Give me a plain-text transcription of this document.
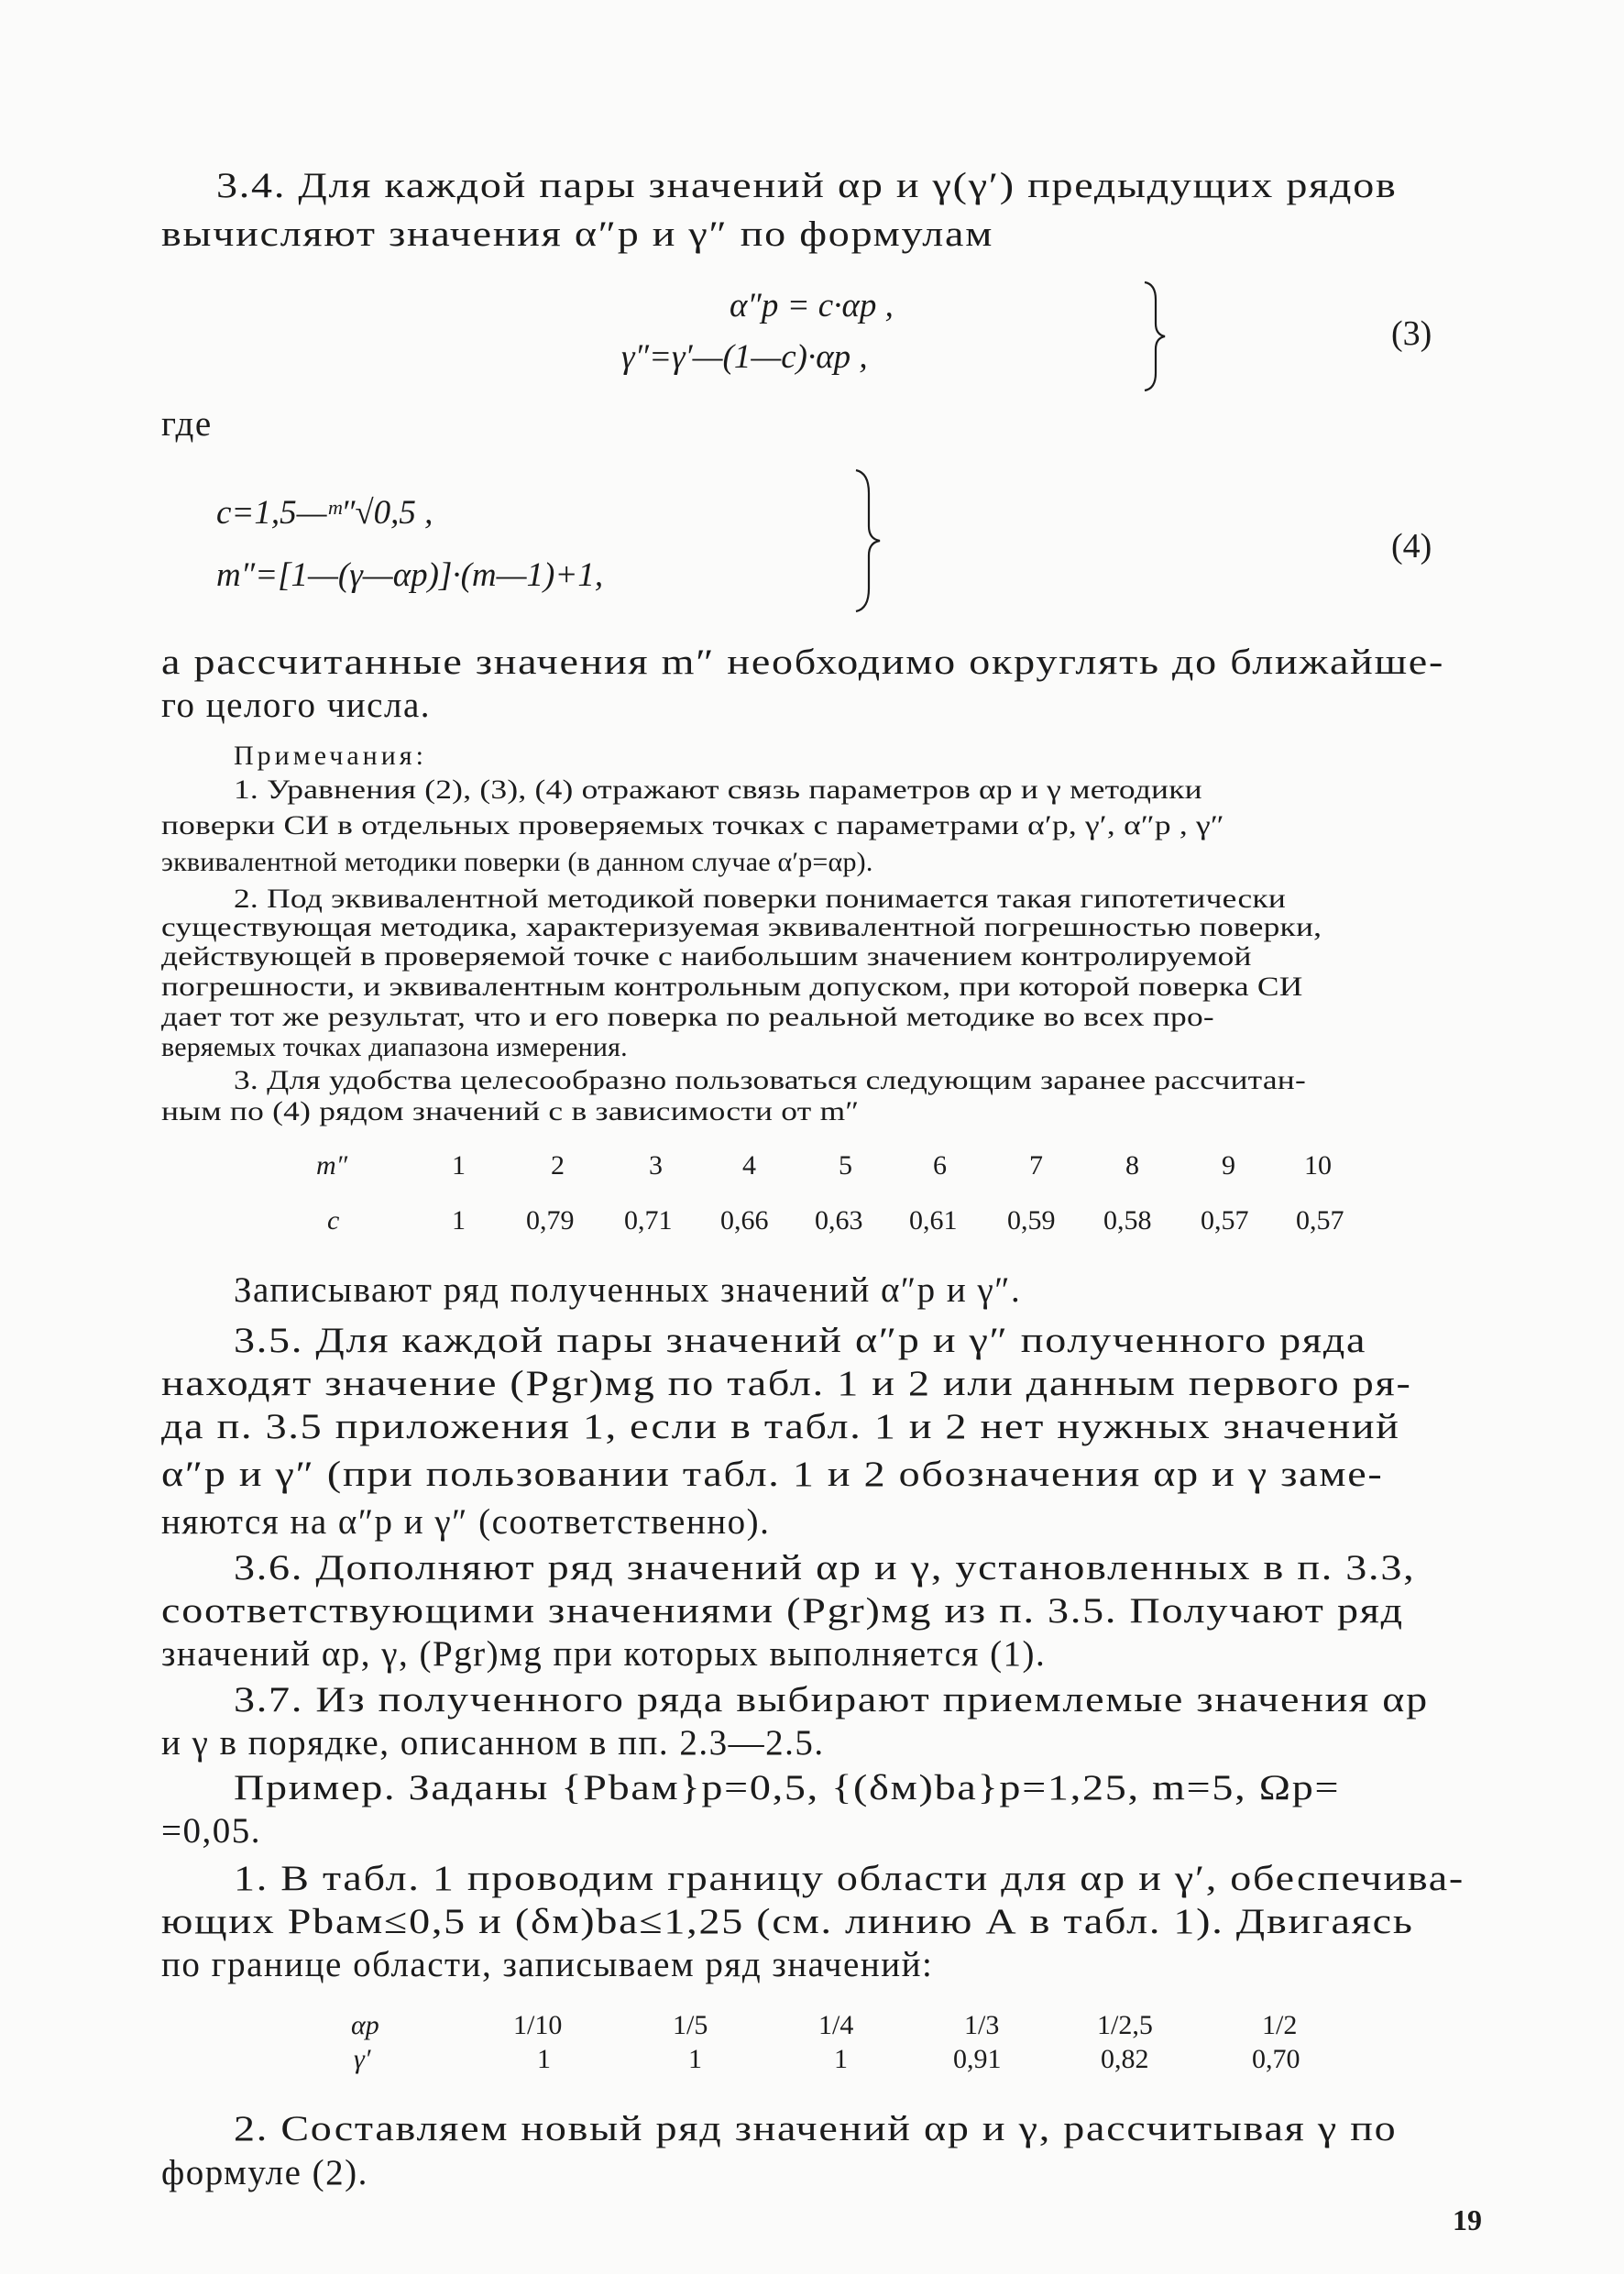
3.4. Для каждой пары значений αр и γ(γ′) предыдущих рядов
вычисляют значения α″р и γ″ по формулам
α″р = c·αр ,
γ″=γ′—(1—c)·αр ,
(3)
где
c=1,5—ᵐ″√0,5 ,
m″=[1—(γ—αр)]·(m—1)+1,
(4)
а рассчитанные значения m″ необходимо округлять до ближайше-
го целого числа.
Примечания:
1. Уравнения (2), (3), (4) отражают связь параметров αр и γ методики
поверки СИ в отдельных проверяемых точках с параметрами α′р, γ′, α″р , γ″
эквивалентной методики поверки (в данном случае α′р=αр).
2. Под эквивалентной методикой поверки понимается такая гипотетически
существующая методика, характеризуемая эквивалентной погрешностью поверки,
действующей в проверяемой точке с наибольшим значением контролируемой
погрешности, и эквивалентным контрольным допуском, при которой поверка СИ
дает тот же результат, что и его поверка по реальной методике во всех про-
веряемых точках диапазона измерения.
3. Для удобства целесообразно пользоваться следующим заранее рассчитан-
ным по (4) рядом значений c в зависимости от m″
m″	1	2	3	4	5	6	7	8	9	10
c	1 0,79 0,71 0,66 0,63 0,61 0,59 0,58 0,57 0,57
Записывают ряд полученных значений α″р и γ″.
3.5. Для каждой пары значений α″р и γ″ полученного ряда
находят значение (Pgr)мg по табл. 1 и 2 или данным первого ря-
да п. 3.5 приложения 1, если в табл. 1 и 2 нет нужных значений
α″р и γ″ (при пользовании табл. 1 и 2 обозначения αр и γ заме-
няются на α″р и γ″ (соответственно).
3.6. Дополняют ряд значений αр и γ, установленных в п. 3.3,
соответствующими значениями (Pgr)мg из п. 3.5. Получают ряд
значений αр, γ, (Pgr)мg при которых выполняется (1).
3.7. Из полученного ряда выбирают приемлемые значения αр
и γ в порядке, описанном в пп. 2.3—2.5.
Пример. Заданы {Pbaм}р=0,5, {(δм)ba}р=1,25, m=5, Ωр=
=0,05.
1. В табл. 1 проводим границу области для αр и γ′, обеспечива-
ющих Pbaм≤0,5 и (δм)ba≤1,25 (см. линию А в табл. 1). Двигаясь
по границе области, записываем ряд значений:
αр	1/10	1/5	1/4	1/3	1/2,5	1/2
γ′	1	1	1	0,91	0,82	0,70
2. Составляем новый ряд значений αр и γ, рассчитывая γ по
формуле (2).
19
